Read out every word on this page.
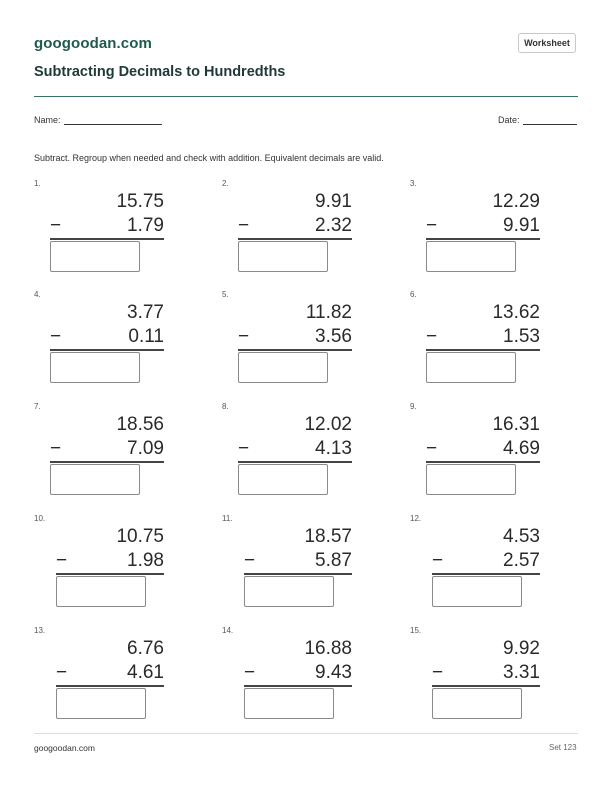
googoodan.com	Worksheet
Subtracting Decimals to Hundredths
Name:	Date:
Subtract. Regroup when needed and check with addition. Equivalent decimals are valid.
1.
15.75
−	1.79
2.
9.91
−	2.32
3.
12.29
−	9.91
4.
3.77
−	0.11
5.
11.82
−	3.56
6.
13.62
−	1.53
7.
18.56
−	7.09
8.
12.02
−	4.13
9.
16.31
−	4.69
10.
10.75
−	1.98
11.
18.57
−	5.87
12.
4.53
−	2.57
13.
6.76
−	4.61
14.
16.88
−	9.43
15.
9.92
−	3.31
googoodan.com	Set 123
